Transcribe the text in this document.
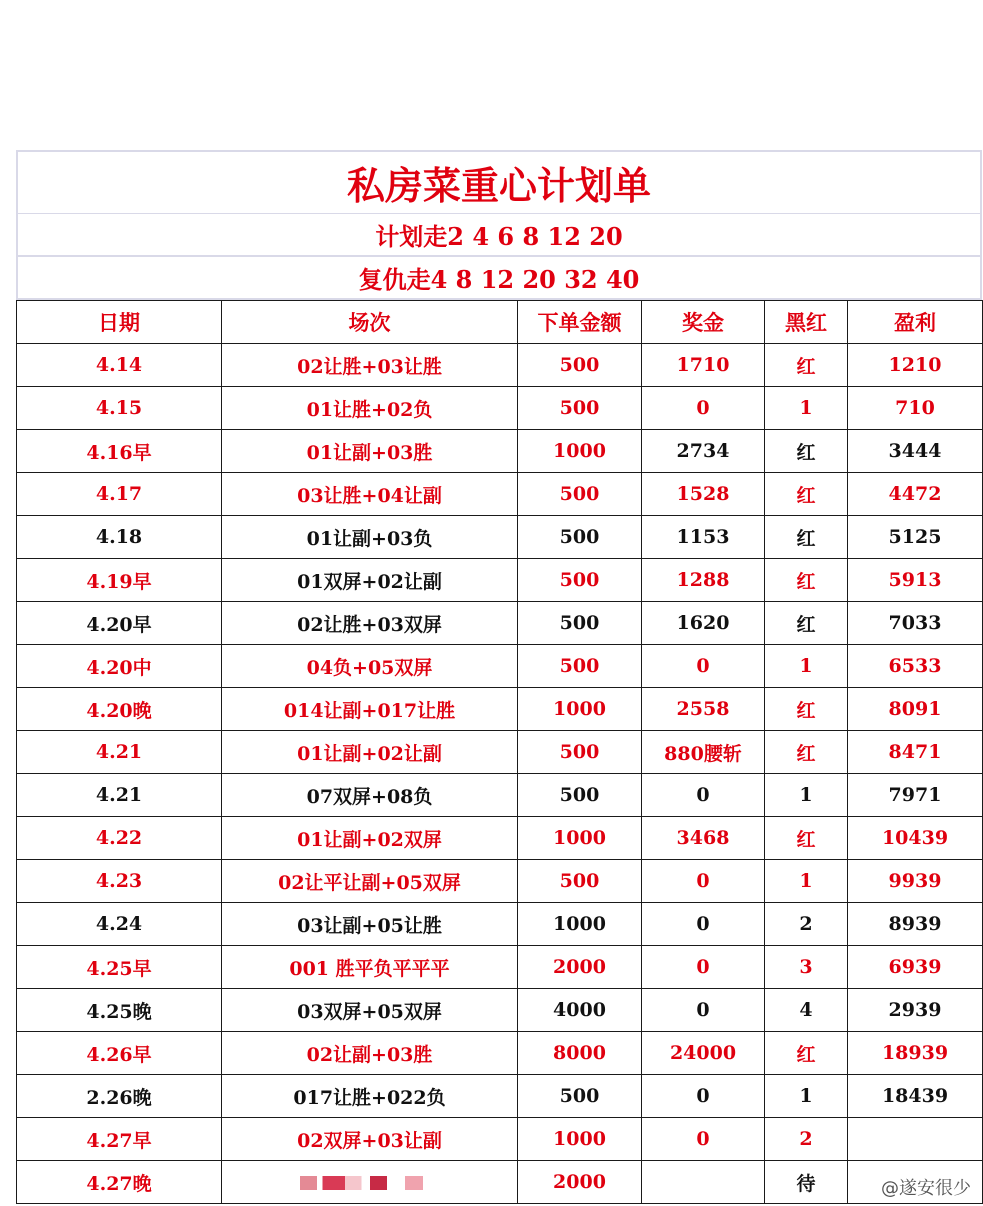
私房菜重心计划单
计划走2 4 6 8 12 20
复仇走4 8 12 20 32 40
日期	场次	下单金额	奖金	黑红	盈利
4.14	02让胜+03让胜	500	1710	红	1210
4.15	01让胜+02负	500	0	1	710
4.16早	01让副+03胜	1000	2734	红	3444
4.17	03让胜+04让副	500	1528	红	4472
4.18	01让副+03负	500	1153	红	5125
4.19早	01双屏+02让副	500	1288	红	5913
4.20早	02让胜+03双屏	500	1620	红	7033
4.20中	04负+05双屏	500	0	1	6533
4.20晚	014让副+017让胜	1000	2558	红	8091
4.21	01让副+02让副	500	880腰斩	红	8471
4.21	07双屏+08负	500	0	1	7971
4.22	01让副+02双屏	1000	3468	红	10439
4.23	02让平让副+05双屏	500	0	1	9939
4.24	03让副+05让胜	1000	0	2	8939
4.25早	001 胜平负平平平	2000	0	3	6939
4.25晚	03双屏+05双屏	4000	0	4	2939
4.26早	02让副+03胜	8000	24000	红	18939
2.26晚	017让胜+022负	500	0	1	18439
4.27早	02双屏+03让副	1000	0	2	
4.27晚		2000		待		@遂安很少
